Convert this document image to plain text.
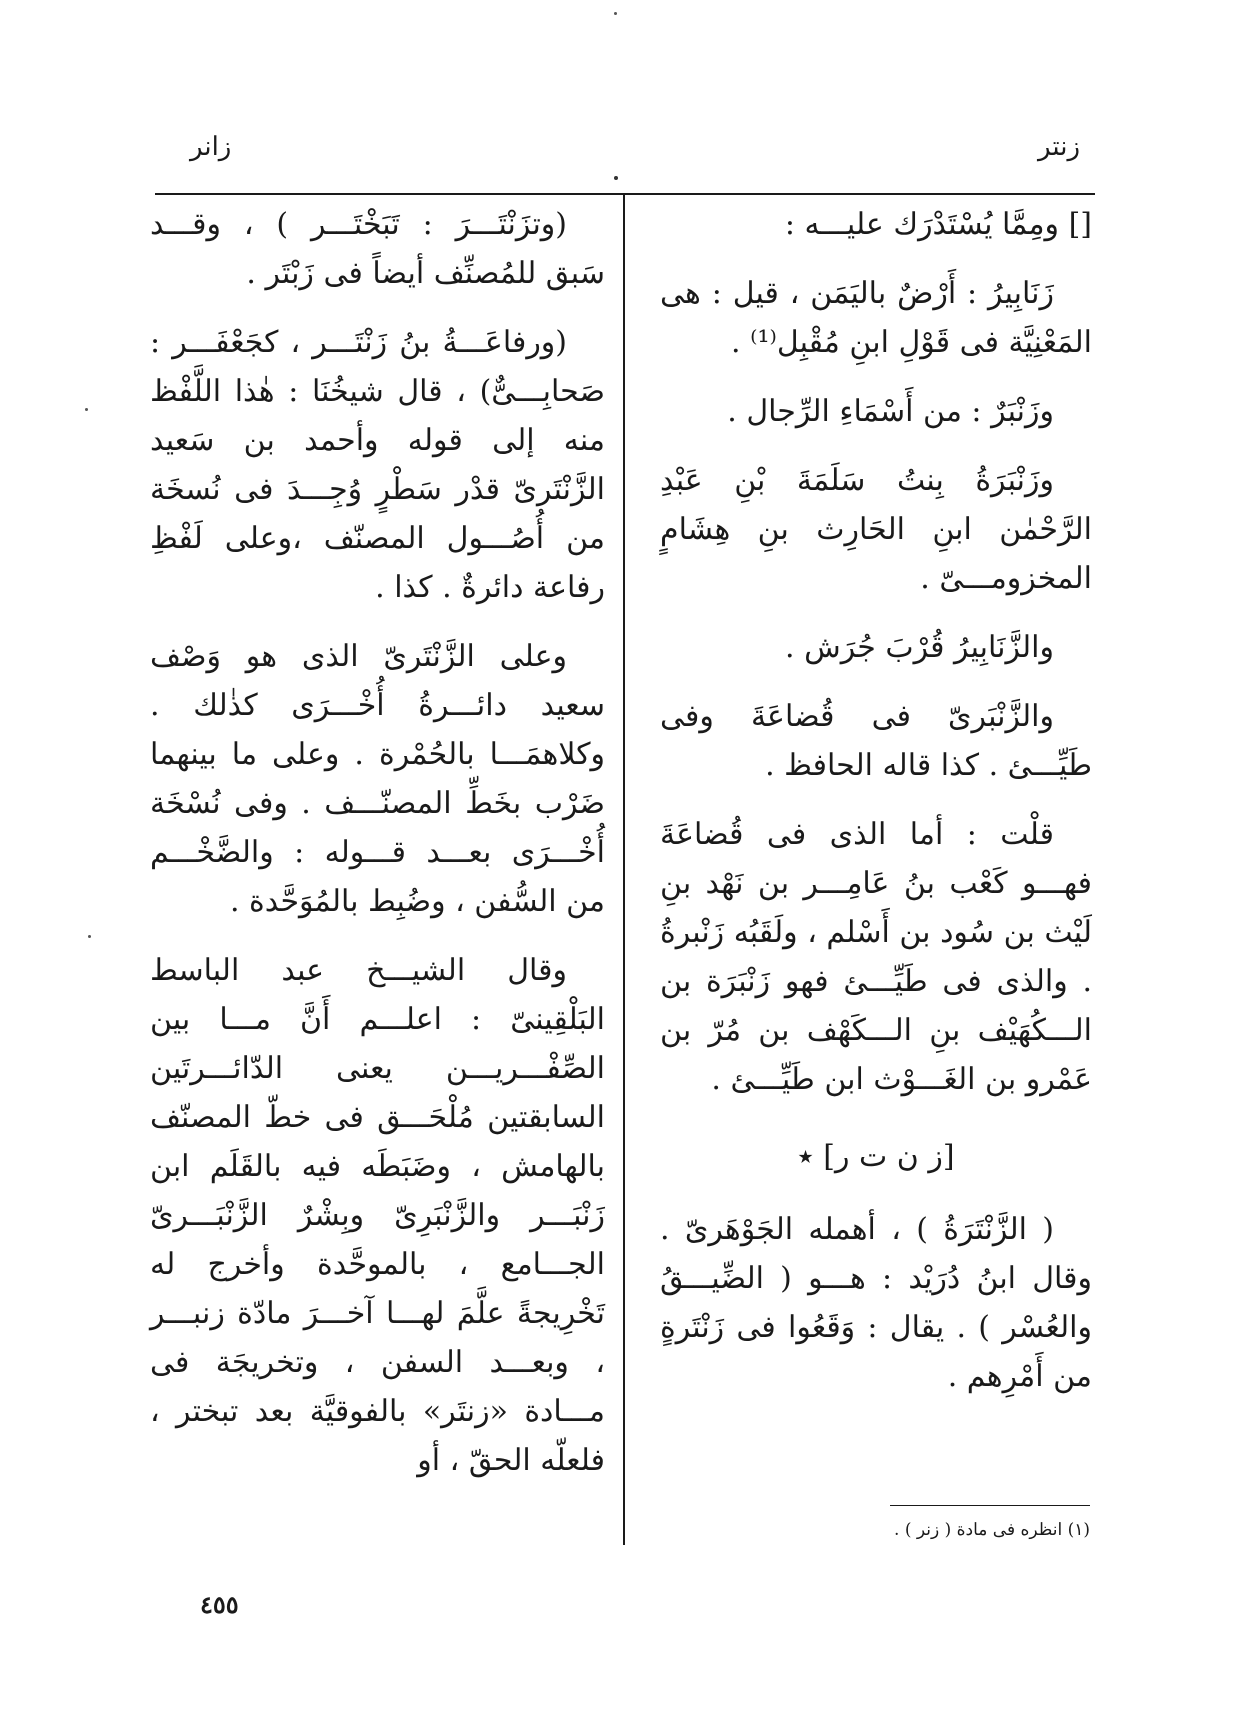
زنتر
زانر

[] ومِمَّا يُسْتَدْرَك عليـــه :

زَنَابِيرُ : أَرْضٌ باليَمَن ، قيل : هى المَعْنِيَّة فى قَوْلِ ابنِ مُقْبِل⁽¹⁾ .

وزَنْبَرٌ : من أَسْمَاءِ الرِّجال .

وزَنْبَرَةُ بِنتُ سَلَمَةَ بْنِ عَبْدِ الرَّحْمٰن ابنِ الحَارِث بنِ هِشَامٍ المخزومـــىّ .

والزَّنَابِيرُ قُرْبَ جُرَش .

والزَّنْبَرىّ فى قُضاعَةَ وفى طَيِّـــئ . كذا قاله الحافظ .

قلْت : أما الذى فى قُضاعَةَ فهـــو كَعْب بنُ عَامِـــر بن نَهْد بنِ لَيْث بن سُود بن أَسْلم ، ولَقَبُه زَنْبرةُ . والذى فى طَيِّـــئ فهو زَنْبَرَة بن الـــكُهَيْف بنِ الـــكَهْف بن مُرّ بن عَمْرو بن الغَـــوْث ابن طَيِّـــئ .

[ز ن ت ر] ٭

( الزَّنْتَرَةُ ) ، أهمله الجَوْهَرىّ . وقال ابنُ دُرَيْد : هـــو ( الضِّيـــقُ والعُسْر ) . يقال : وَقَعُوا فى زَنْتَرةٍ من أَمْرِهم .

(وتزَنْتَـــرَ : تَبَخْتَـــر ) ، وقـــد سَبق للمُصنِّف أيضاً فى زَبْتَر .

(ورفاعَـــةُ بنُ زَنْتَـــر ، كجَعْفَـــر : صَحابِـــىٌّ) ، قال شيخُنَا : هٰذا اللَّفْظ منه إلى قوله وأحمد بن سَعيد الزَّنْتَرىّ قدْر سَطْرٍ وُجِـــدَ فى نُسخَة من أُصُـــول المصنّف ،وعلى لَفْظِ رفاعة دائرةٌ . كذا .

وعلى الزَّنْتَرىّ الذى هو وَصْف سعيد دائـــرةُ أُخْـــرَى كذٰلك . وكلاهمَـــا بالحُمْرة . وعلى ما بينهما ضَرْب بخَطِّ المصنّـــف . وفى نُسْخَة أُخْـــرَى بعـــد قـــوله : والضَّخْـــم من السُّفن ، وضُبِط بالمُوَحَّدة .

وقال الشيـــخ عبد الباسط البَلْقِينىّ : اعلـــم أَنَّ مـــا بين الصِّفْـــريـــن يعنى الدّائـــرتَين السابقتين مُلْحَـــق فى خطّ المصنّف بالهامش ، وضَبَطَه فيه بالقَلَم ابن زَنْبَـــر والزَّنْبَرِىّ وبِشْرٌ الزَّنْبَـــرىّ الجـــامع ، بالموحَّدة وأخرج له تَخْرِيجةً علَّمَ لهـــا آخـــرَ مادّة زنبـــر ، وبعـــد السفن ، وتخريجَة فى مـــادة «زنتَر» بالفوقيَّة بعد تبختر ، فلعلّه الحقّ ، أو

(١) انظره فى مادة ( زنر ) .
٤٥٥
